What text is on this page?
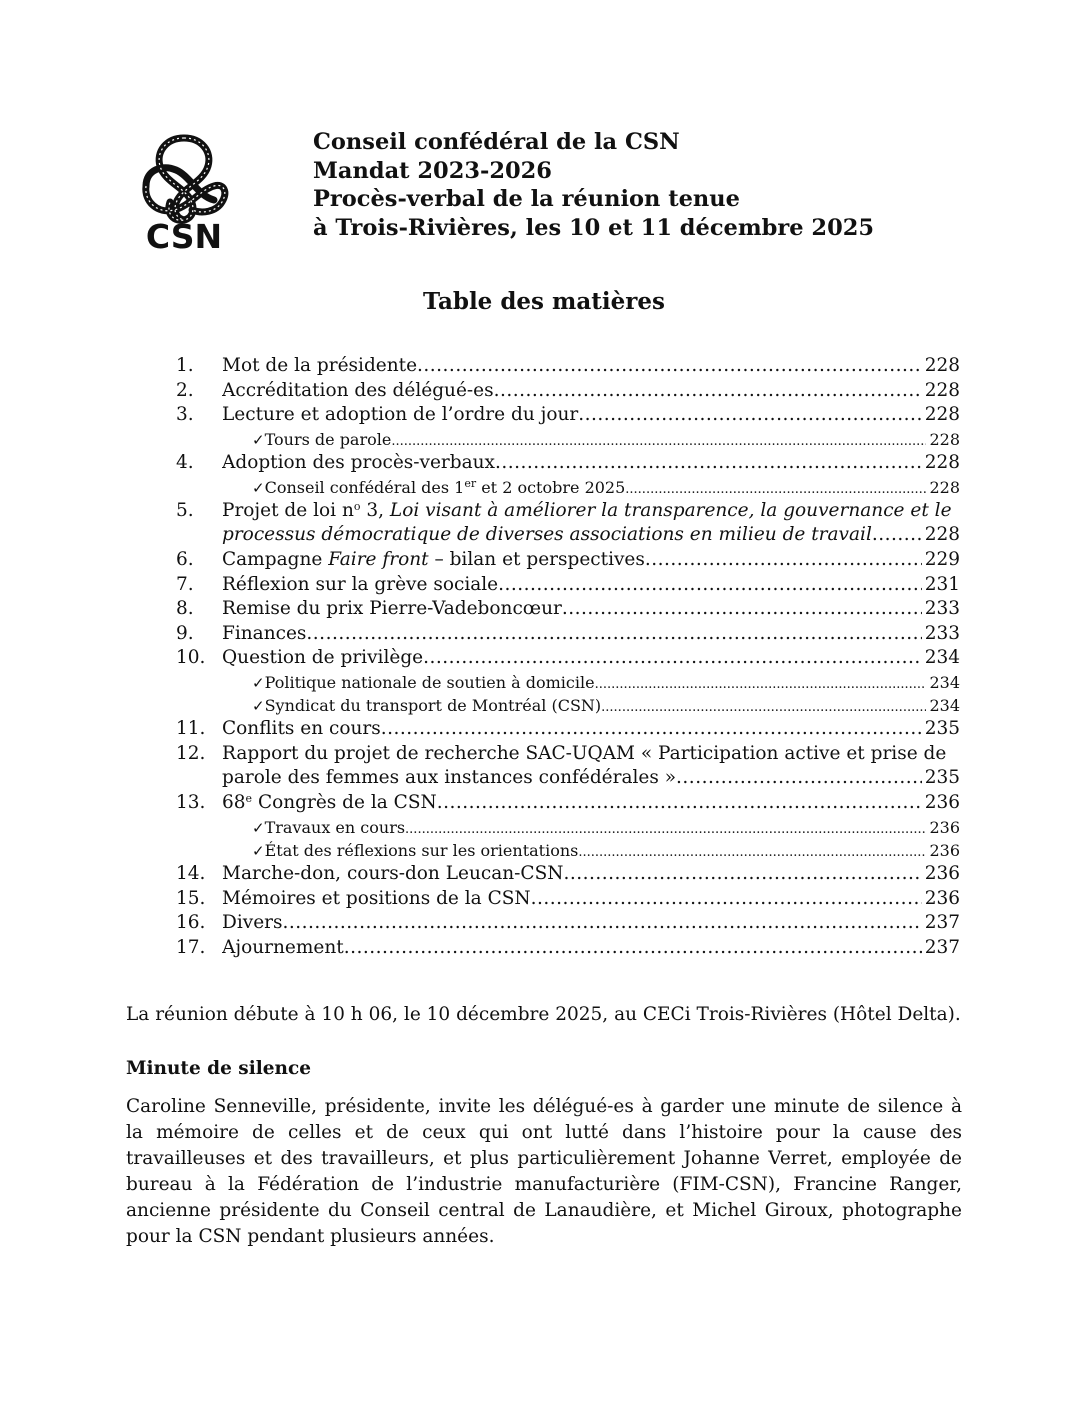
CSN
Conseil confédéral de la CSN
Mandat 2023-2026
Procès-verbal de la réunion tenue
à Trois-Rivières, les 10 et 11 décembre 2025
Table des matières
1.	Mot de la présidente .....	228
2.	Accréditation des délégué-es .....	228
3.	Lecture et adoption de l’ordre du jour .....	228
✓ Tours de parole .....	228
4.	Adoption des procès-verbaux .....	228
✓ Conseil confédéral des 1er et 2 octobre 2025 .....	228
5.	Projet de loi $n^o$ 3, Loi visant à améliorer la transparence, la gouvernance et le
processus démocratique de diverses associations en milieu de travail .....	228
6.	Campagne Faire front – bilan et perspectives .....	229
7.	Réflexion sur la grève sociale .....	231
8.	Remise du prix Pierre-Vadeboncœur .....	233
9.	Finances .....	233
10. Question de privilège .....	234
✓ Politique nationale de soutien à domicile .....	234
✓ Syndicat du transport de Montréal (CSN) .....	234
11. Conflits en cours .....	235
12. Rapport du projet de recherche SAC-UQAM « Participation active et prise de
parole des femmes aux instances confédérales » .....	235
13. 68e Congrès de la CSN .....	236
✓ Travaux en cours .....	236
✓ État des réflexions sur les orientations .....	236
14. Marche-don, cours-don Leucan-CSN .....	236
15. Mémoires et positions de la CSN .....	236
16. Divers .....	237
17. Ajournement .....	237
La réunion débute à 10 h 06, le 10 décembre 2025, au CECi Trois-Rivières (Hôtel Delta).
Minute de silence
Caroline Senneville, présidente, invite les délégué-es à garder une minute de silence à la mémoire de celles et de ceux qui ont lutté dans l’histoire pour la cause des travailleuses et des travailleurs, et plus particulièrement Johanne Verret, employée de bureau à la Fédération de l’industrie manufacturière (FIM-CSN), Francine Ranger, ancienne présidente du Conseil central de Lanaudière, et Michel Giroux, photographe pour la CSN pendant plusieurs années.
